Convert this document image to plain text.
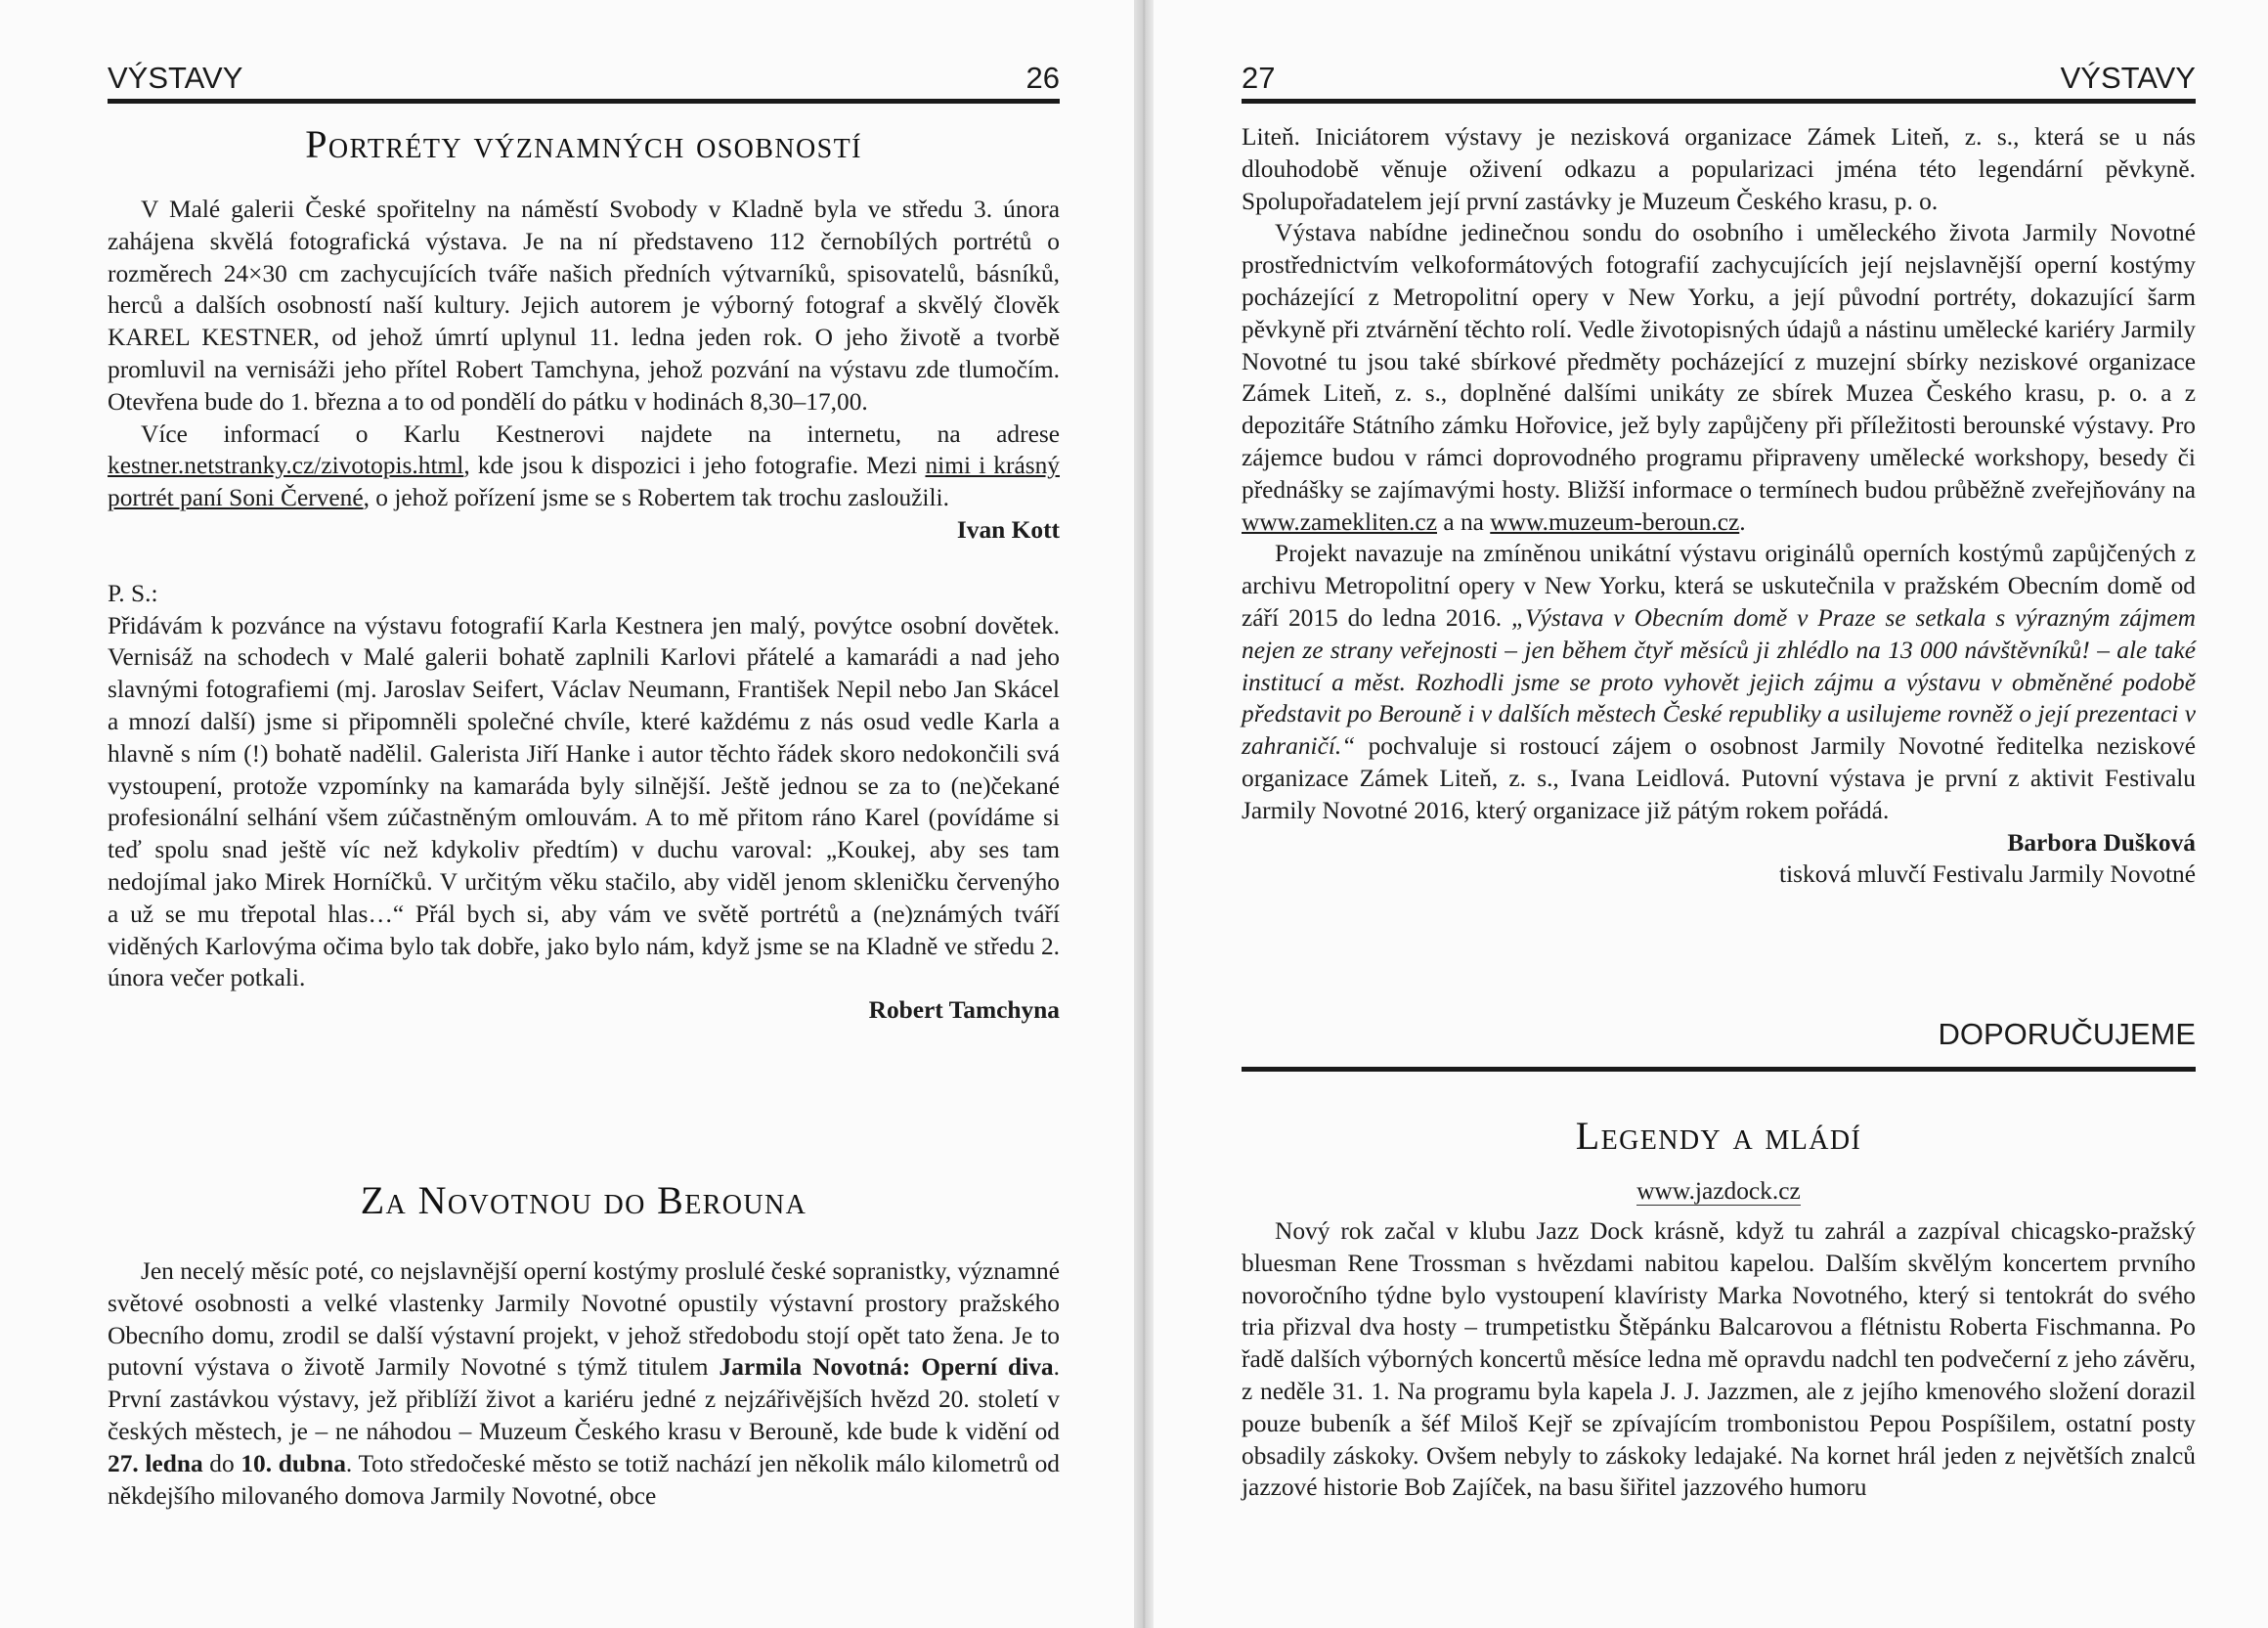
VÝSTAVY	26
Portréty významných osobností

V Malé galerii České spořitelny na náměstí Svobody v Kladně byla ve středu 3. února zahájena skvělá fotografická výstava. Je na ní představeno 112 černobílých portrétů o rozměrech 24×30 cm zachycujících tváře našich předních výtvarníků, spisovatelů, básníků, herců a dalších osobností naší kultury. Jejich autorem je výborný fotograf a skvělý člověk KAREL KESTNER, od jehož úmrtí uplynul 11. ledna jeden rok. O jeho životě a tvorbě promluvil na vernisáži jeho přítel Robert Tamchyna, jehož pozvání na výstavu zde tlumočím. Otevřena bude do 1. března a to od pondělí do pátku v hodinách 8,30–17,00.

Více informací o Karlu Kestnerovi najdete na internetu, na adrese kestner.netstranky.cz/zivotopis.html, kde jsou k dispozici i jeho fotografie. Mezi nimi i krásný portrét paní Soni Červené, o jehož pořízení jsme se s Robertem tak trochu zasloužili.

Ivan Kott

P. S.:

Přidávám k pozvánce na výstavu fotografií Karla Kestnera jen malý, povýtce osobní dovětek. Vernisáž na schodech v Malé galerii bohatě zaplnili Karlovi přátelé a kamarádi a nad jeho slavnými fotografiemi (mj. Jaroslav Seifert, Václav Neumann, František Nepil nebo Jan Skácel a mnozí další) jsme si připomněli společné chvíle, které každému z nás osud vedle Karla a hlavně s ním (!) bohatě nadělil. Galerista Jiří Hanke i autor těchto řádek skoro nedokončili svá vystoupení, protože vzpomínky na kamaráda byly silnější. Ještě jednou se za to (ne)čekané profesionální selhání všem zúčastněným omlouvám. A to mě přitom ráno Karel (povídáme si teď spolu snad ještě víc než kdykoliv předtím) v duchu varoval: „Koukej, aby ses tam nedojímal jako Mirek Horníčků. V určitým věku stačilo, aby viděl jenom skleničku červenýho a už se mu třepotal hlas…“ Přál bych si, aby vám ve světě portrétů a (ne)známých tváří viděných Karlovýma očima bylo tak dobře, jako bylo nám, když jsme se na Kladně ve středu 2. února večer potkali.

Robert Tamchyna
Za Novotnou do Berouna

Jen necelý měsíc poté, co nejslavnější operní kostýmy proslulé české sopranistky, významné světové osobnosti a velké vlastenky Jarmily Novotné opustily výstavní prostory pražského Obecního domu, zrodil se další výstavní projekt, v jehož středobodu stojí opět tato žena. Je to putovní výstava o životě Jarmily Novotné s týmž titulem Jarmila Novotná: Operní diva. První zastávkou výstavy, jež přiblíží život a kariéru jedné z nejzářivějších hvězd 20. století v českých městech, je – ne náhodou – Muzeum Českého krasu v Berouně, kde bude k vidění od 27. ledna do 10. dubna. Toto středočeské město se totiž nachází jen několik málo kilometrů od někdejšího milovaného domova Jarmily Novotné, obce

27	VÝSTAVY

Liteň. Iniciátorem výstavy je nezisková organizace Zámek Liteň, z. s., která se u nás dlouhodobě věnuje oživení odkazu a popularizaci jména této legendární pěvkyně. Spolupořadatelem její první zastávky je Muzeum Českého krasu, p. o.

Výstava nabídne jedinečnou sondu do osobního i uměleckého života Jarmily Novotné prostřednictvím velkoformátových fotografií zachycujících její nejslavnější operní kostýmy pocházející z Metropolitní opery v New Yorku, a její původní portréty, dokazující šarm pěvkyně při ztvárnění těchto rolí. Vedle životopisných údajů a nástinu umělecké kariéry Jarmily Novotné tu jsou také sbírkové předměty pocházející z muzejní sbírky neziskové organizace Zámek Liteň, z. s., doplněné dalšími unikáty ze sbírek Muzea Českého krasu, p. o. a z depozitáře Státního zámku Hořovice, jež byly zapůjčeny při příležitosti berounské výstavy. Pro zájemce budou v rámci doprovodného programu připraveny umělecké workshopy, besedy či přednášky se zajímavými hosty. Bližší informace o termínech budou průběžně zveřejňovány na www.zamekliten.cz a na www.muzeum-beroun.cz.

Projekt navazuje na zmíněnou unikátní výstavu originálů operních kostýmů zapůjčených z archivu Metropolitní opery v New Yorku, která se uskutečnila v pražském Obecním domě od září 2015 do ledna 2016. „Výstava v Obecním domě v Praze se setkala s výrazným zájmem nejen ze strany veřejnosti – jen během čtyř měsíců ji zhlédlo na 13 000 návštěvníků! – ale také institucí a měst. Rozhodli jsme se proto vyhovět jejich zájmu a výstavu v obměněné podobě představit po Berouně i v dalších městech České republiky a usilujeme rovněž o její prezentaci v zahraničí.“ pochvaluje si rostoucí zájem o osobnost Jarmily Novotné ředitelka neziskové organizace Zámek Liteň, z. s., Ivana Leidlová. Putovní výstava je první z aktivit Festivalu Jarmily Novotné 2016, který organizace již pátým rokem pořádá.

Barbora Dušková
tisková mluvčí Festivalu Jarmily Novotné
DOPORUČUJEME
Legendy a mládí
www.jazdock.cz

Nový rok začal v klubu Jazz Dock krásně, když tu zahrál a zazpíval chicagsko-pražský bluesman Rene Trossman s hvězdami nabitou kapelou. Dalším skvělým koncertem prvního novoročního týdne bylo vystoupení klavíristy Marka Novotného, který si tentokrát do svého tria přizval dva hosty – trumpetistku Štěpánku Balcarovou a flétnistu Roberta Fischmanna. Po řadě dalších výborných koncertů měsíce ledna mě opravdu nadchl ten podvečerní z jeho závěru, z neděle 31. 1. Na programu byla kapela J. J. Jazzmen, ale z jejího kmenového složení dorazil pouze bubeník a šéf Miloš Kejř se zpívajícím trombonistou Pepou Pospíšilem, ostatní posty obsadily záskoky. Ovšem nebyly to záskoky ledajaké. Na kornet hrál jeden z největších znalců jazzové historie Bob Zajíček, na basu šiřitel jazzového humoru
